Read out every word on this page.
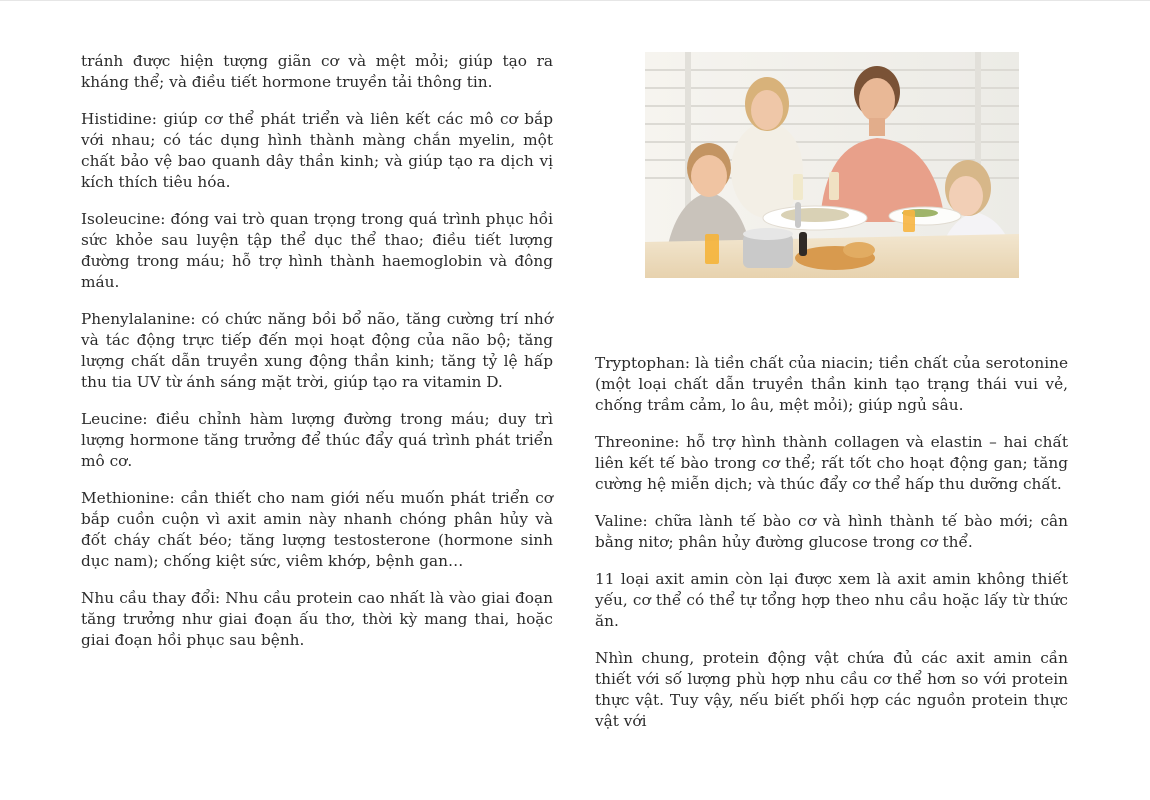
tránh được hiện tượng giãn cơ và mệt mỏi; giúp tạo ra kháng thể; và điều tiết hormone truyền tải thông tin.

Histidine: giúp cơ thể phát triển và liên kết các mô cơ bắp với nhau; có tác dụng hình thành màng chắn myelin, một chất bảo vệ bao quanh dây thần kinh; và giúp tạo ra dịch vị kích thích tiêu hóa.

Isoleucine: đóng vai trò quan trọng trong quá trình phục hồi sức khỏe sau luyện tập thể dục thể thao; điều tiết lượng đường trong máu; hỗ trợ hình thành haemoglobin và đông máu.

Phenylalanine: có chức năng bồi bổ não, tăng cường trí nhớ và tác động trực tiếp đến mọi hoạt động của não bộ; tăng lượng chất dẫn truyền xung động thần kinh; tăng tỷ lệ hấp thu tia UV từ ánh sáng mặt trời, giúp tạo ra vitamin D.

Leucine: điều chỉnh hàm lượng đường trong máu; duy trì lượng hormone tăng trưởng để thúc đẩy quá trình phát triển mô cơ.

Methionine: cần thiết cho nam giới nếu muốn phát triển cơ bắp cuồn cuộn vì axit amin này nhanh chóng phân hủy và đốt cháy chất béo; tăng lượng testosterone (hormone sinh dục nam); chống kiệt sức, viêm khớp, bệnh gan…

Nhu cầu thay đổi: Nhu cầu protein cao nhất là vào giai đoạn tăng trưởng như giai đoạn ấu thơ, thời kỳ mang thai, hoặc giai đoạn hồi phục sau bệnh.

Tryptophan: là tiền chất của niacin; tiền chất của serotonine (một loại chất dẫn truyền thần kinh tạo trạng thái vui vẻ, chống trầm cảm, lo âu, mệt mỏi); giúp ngủ sâu.

Threonine: hỗ trợ hình thành collagen và elastin – hai chất liên kết tế bào trong cơ thể; rất tốt cho hoạt động gan; tăng cường hệ miễn dịch; và thúc đẩy cơ thể hấp thu dưỡng chất.

Valine: chữa lành tế bào cơ và hình thành tế bào mới; cân bằng nitơ; phân hủy đường glucose trong cơ thể.

11 loại axit amin còn lại được xem là axit amin không thiết yếu, cơ thể có thể tự tổng hợp theo nhu cầu hoặc lấy từ thức ăn.

Nhìn chung, protein động vật chứa đủ các axit amin cần thiết với số lượng phù hợp nhu cầu cơ thể hơn so với protein thực vật. Tuy vậy, nếu biết phối hợp các nguồn protein thực vật với
